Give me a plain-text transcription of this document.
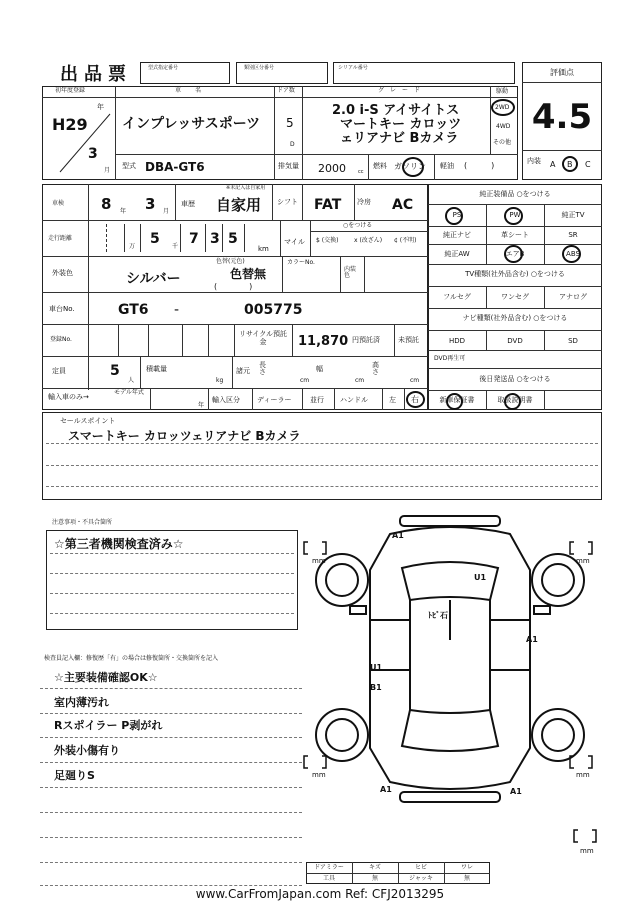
出品票	型式指定番号	類別区分番号	シリアル番号	評価点
4.5
内装 A B C
初年度登録	車名	ドア数	グレード
H29
年
3
月
インプレッサスポーツ 5
D
2.0 i-S アイサイトス
マートキー カロッツ
ェリアナビ Bカメラ
駆動
2WD
4WD
その他
型式 DBA-GT6	排気量 2000 cc
燃料 ガソリン 軽油 (　　　)
車検 8 年 3 月
※未記入は自家用
車歴 自家用 シフト FAT 冷房 AC
走行距離
万 5 千 7 3 5
km
マイル
○をつける
$ (交換)	x (改ざん) ¢ (不明)
外装色	シルバー
色替(元色)
色替無
(　　　　)
カラーNo.
内装色
車台No.	GT6 -	005775
登録No.
リサイクル預託金	11,870 円預託済	未預託
定員	5
人
積載量
kg
諸元
長さ
cm
幅
cm
高さ
cm
輸入車のみ→
モデル年式
年
輸入区分 ディーラー	並行 ハンドル	左 右
純正装備品 ○をつける
PS	PW	純正TV
純正ナビ	革シート	SR
純正AW	エアB	ABS
TV種類(社外品含む) ○をつける
フルセグ	ワンセグ	アナログ
ナビ種類(社外品含む) ○をつける
HDD	DVD	SD
DVD再生可
後日発送品 ○をつける
新車保証書	取扱説明書
セールスポイント
スマートキー カロッツェリアナビ Bカメラ
注意事項・不具合箇所
☆第三者機関検査済み☆
検査員記入欄：修復歴「有」の場合は修復箇所・交換箇所を記入
☆主要装備確認OK☆
室内薄汚れ
Rスポイラー P剥がれ
外装小傷有り
足廻りS
mm	mm
mm	mm
mm
A1
U1
ﾄﾋﾞ石
A1
U1
B1
A1	A1
ドアミラー	キズ	ヒビ	ワレ
工具	無	ジャッキ	無
www.CarFromJapan.com Ref: CFJ2013295
